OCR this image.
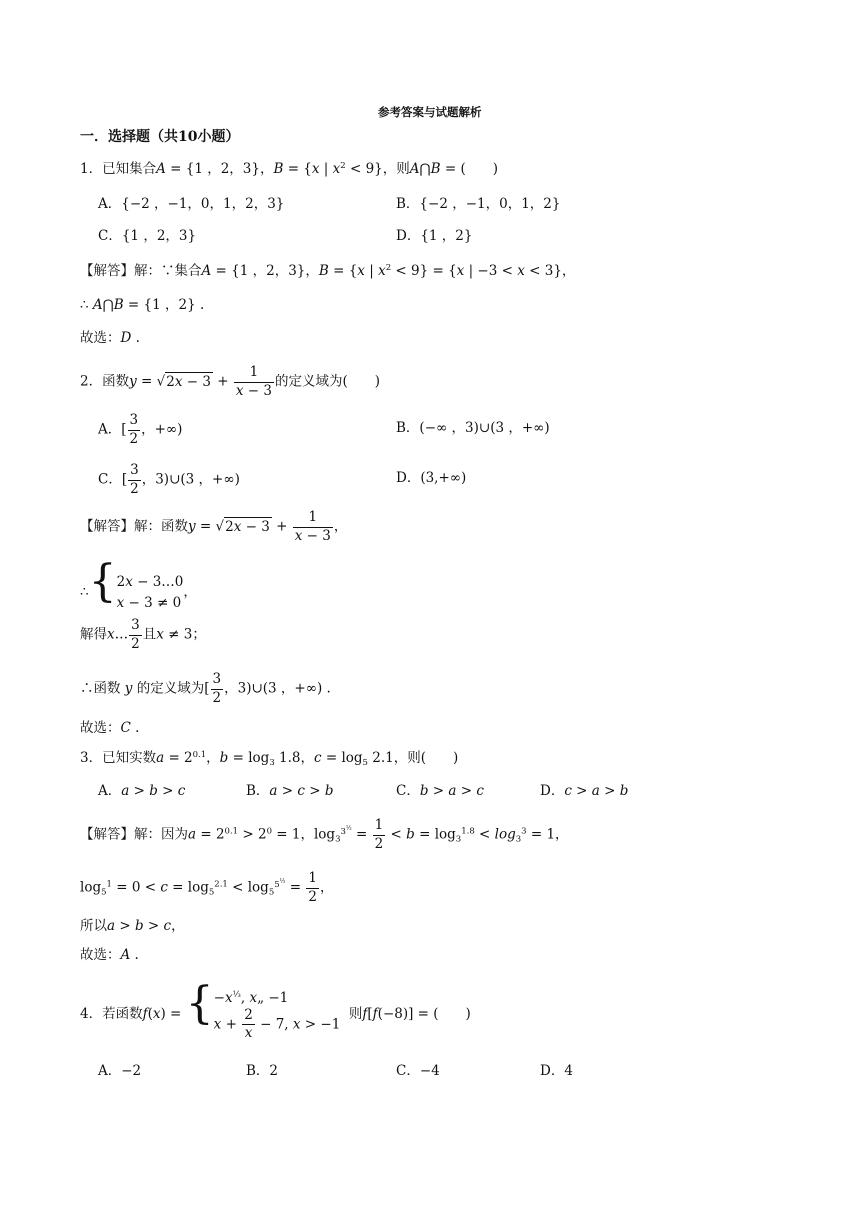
参考答案与试题解析
一．选择题（共10小题）
1．已知集合A = {1 ，2，3}，B = {x | $x^2 < 9$}，则A⋂B = (　　)
A．{−2 ，−1，0，1，2，3}	B．{−2 ，−1，0，1，2}
C．{1 ，2，3}	D．{1 ，2}
【解答】解：∵集合A = {1 ，2，3}，B = {x | $x^2 < 9\} = \{x$ | −3 < x < 3}，
∴ A⋂B = {1 ，2} .
故选：D .
2．函数$y = √2x - 3 + \frac{1}{x - 3}$ 的定义域为(　　)
A．[ $\frac{3}{2}$ ，+∞)	B．(−∞ ，3)∪(3 ，+∞)
C．[ $\frac{3}{2}$ ，3)∪(3 ，+∞)	D．(3,+∞)
【解答】解：函数$y = √2x - 3 + \frac{1}{x - 3}$ ，
∴{ 2x − 3…0
x − 3 ≠ 0
，
解得x… $\frac{3}{2}$ 且x ≠ 3；
∴函数 y 的定义域为[ $\frac{3}{2}$ ，3)∪(3 ，+∞) .
故选：C .
3．已知实数$a = 2^{0.1}$，$b = \log_3 1.8$，$c = \log_5 2.1$，则(　　)
A．a > b > c	B．a > c > b	C．b > a > c	D．c > a > b
【解答】解：因为$a = 2^{0.1} > 2^0 = 1$，$\log_3^{3^{\frac{1}{2}}} = \frac{1}{2} < b = \log_3^{1.8} < \log_3^3 = 1$，
$\log_5^1 = 0 < c = \log_5^{2.1} < \log_5^{5^{\frac{1}{2}}} = \frac{1}{2}$ ，
所以a > b > c，
故选：A .
4．若函数f(x) = { $-x^{\frac{1}{3}}$, x„ −1
$x + \frac{2}{x} - 7$, x > −1
则f[f(−8)] = (　　)
A．−2	B．2	C．−4	D．4
